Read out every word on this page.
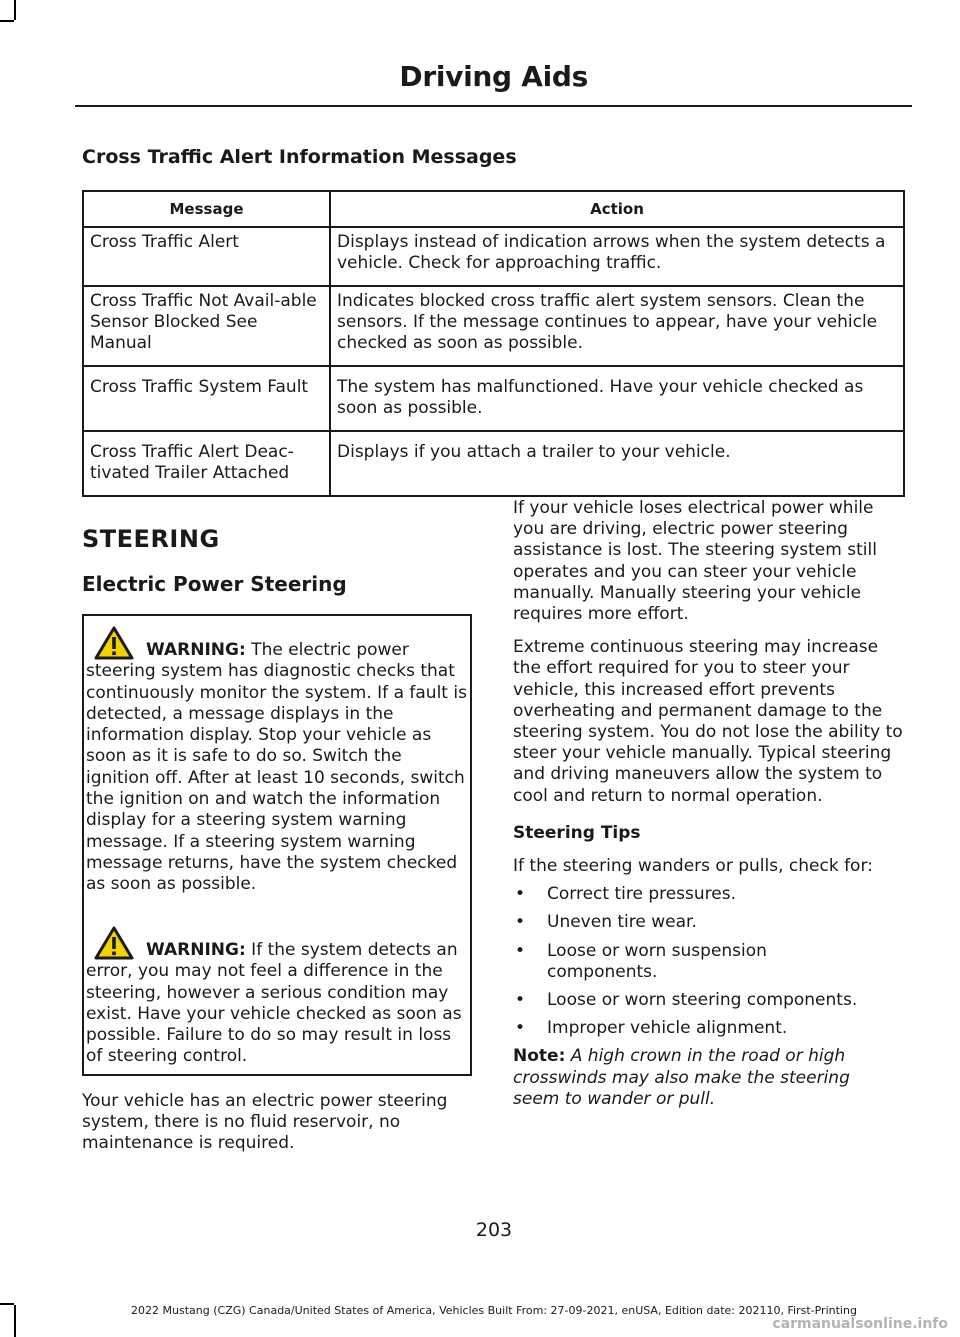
Driving Aids
Cross Traffic Alert Information Messages
Message	Action
Cross Traffic Alert	Displays instead of indication arrows when the system detects a vehicle. Check for approaching traffic.
Cross Traffic Not Avail-able Sensor Blocked See Manual	Indicates blocked cross traffic alert system sensors. Clean the sensors. If the message continues to appear, have your vehicle checked as soon as possible.
Cross Traffic System Fault	The system has malfunctioned. Have your vehicle checked as soon as possible.
Cross Traffic Alert Deac-tivated Trailer Attached	Displays if you attach a trailer to your vehicle.
STEERING
Electric Power Steering
WARNING: The electric power steering system has diagnostic checks that continuously monitor the system. If a fault is detected, a message displays in the information display. Stop your vehicle as soon as it is safe to do so. Switch the ignition off. After at least 10 seconds, switch the ignition on and watch the information display for a steering system warning message. If a steering system warning message returns, have the system checked as soon as possible.
WARNING: If the system detects an error, you may not feel a difference in the steering, however a serious condition may exist. Have your vehicle checked as soon as possible. Failure to do so may result in loss of steering control.
Your vehicle has an electric power steering system, there is no fluid reservoir, no maintenance is required.

If your vehicle loses electrical power while you are driving, electric power steering assistance is lost. The steering system still operates and you can steer your vehicle manually. Manually steering your vehicle requires more effort.

Extreme continuous steering may increase the effort required for you to steer your vehicle, this increased effort prevents overheating and permanent damage to the steering system. You do not lose the ability to steer your vehicle manually. Typical steering and driving maneuvers allow the system to cool and return to normal operation.

Steering Tips

If the steering wanders or pulls, check for:

• Correct tire pressures.

• Uneven tire wear.

• Loose or worn suspension components.

• Loose or worn steering components.

• Improper vehicle alignment.

Note: A high crown in the road or high crosswinds may also make the steering seem to wander or pull.

203
2022 Mustang (CZG) Canada/United States of America, Vehicles Built From: 27-09-2021, enUSA, Edition date: 202110, First-Printing
carmanualsonline.info
